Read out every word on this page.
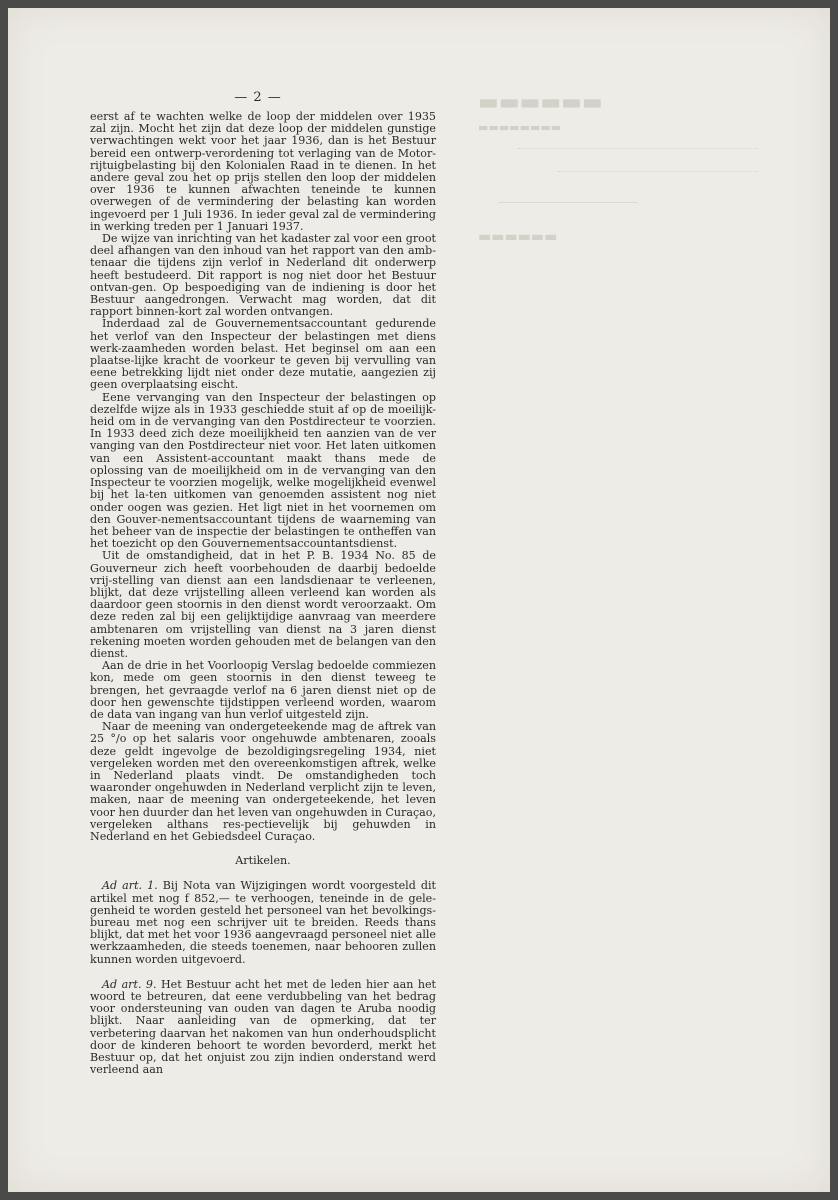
▬▬▬▬▬▬
▬▬▬▬▬▬▬▬
▬▬▬▬▬▬
— 2 —

eerst af te wachten welke de loop der middelen over 1935 zal zijn. Mocht het zijn dat deze loop der middelen gunstige verwachtingen wekt voor het jaar 1936, dan is het Bestuur bereid een ontwerp-verordening tot verlaging van de Motor-rijtuigbelasting bij den Kolonialen Raad in te dienen. In het andere geval zou het op prijs stellen den loop der middelen over 1936 te kunnen afwachten teneinde te kunnen overwegen of de vermindering der belasting kan worden ingevoerd per 1 Juli 1936. In ieder geval zal de vermindering in werking treden per 1 Januari 1937.

De wijze van inrichting van het kadaster zal voor een groot deel afhangen van den inhoud van het rapport van den amb-tenaar die tijdens zijn verlof in Nederland dit onderwerp heeft bestudeerd. Dit rapport is nog niet door het Bestuur ontvan-gen. Op bespoediging van de indiening is door het Bestuur aangedrongen. Verwacht mag worden, dat dit rapport binnen-kort zal worden ontvangen.

Inderdaad zal de Gouvernementsaccountant gedurende het verlof van den Inspecteur der belastingen met diens werk-zaamheden worden belast. Het beginsel om aan een plaatse-lijke kracht de voorkeur te geven bij vervulling van eene betrekking lijdt niet onder deze mutatie, aangezien zij geen overplaatsing eischt.

Eene vervanging van den Inspecteur der belastingen op dezelfde wijze als in 1933 geschiedde stuit af op de moeilijk-heid om in de vervanging van den Postdirecteur te voorzien. In 1933 deed zich deze moeilijkheid ten aanzien van de ver vanging van den Postdirecteur niet voor. Het laten uitkomen van een Assistent-accountant maakt thans mede de oplossing van de moeilijkheid om in de vervanging van den Inspecteur te voorzien mogelijk, welke mogelijkheid evenwel bij het la-ten uitkomen van genoemden assistent nog niet onder oogen was gezien. Het ligt niet in het voornemen om den Gouver-nementsaccountant tijdens de waarneming van het beheer van de inspectie der belastingen te ontheffen van het toezicht op den Gouvernementsaccountantsdienst.

Uit de omstandigheid, dat in het P. B. 1934 No. 85 de Gouverneur zich heeft voorbehouden de daarbij bedoelde vrij-stelling van dienst aan een landsdienaar te verleenen, blijkt, dat deze vrijstelling alleen verleend kan worden als daardoor geen stoornis in den dienst wordt veroorzaakt. Om deze reden zal bij een gelijktijdige aanvraag van meerdere ambtenaren om vrijstelling van dienst na 3 jaren dienst rekening moeten worden gehouden met de belangen van den dienst.

Aan de drie in het Voorloopig Verslag bedoelde commiezen kon, mede om geen stoornis in den dienst teweeg te brengen, het gevraagde verlof na 6 jaren dienst niet op de door hen gewenschte tijdstippen verleend worden, waarom de data van ingang van hun verlof uitgesteld zijn.

Naar de meening van ondergeteekende mag de aftrek van 25 °/o op het salaris voor ongehuwde ambtenaren, zooals deze geldt ingevolge de bezoldigingsregeling 1934, niet vergeleken worden met den overeenkomstigen aftrek, welke in Nederland plaats vindt. De omstandigheden toch waaronder ongehuwden in Nederland verplicht zijn te leven, maken, naar de meening van ondergeteekende, het leven voor hen duurder dan het leven van ongehuwden in Curaçao, vergeleken althans res-pectievelijk bij gehuwden in Nederland en het Gebiedsdeel Curaçao.

Artikelen.

Ad art. 1. Bij Nota van Wijzigingen wordt voorgesteld dit artikel met nog f 852,— te verhoogen, teneinde in de gele-genheid te worden gesteld het personeel van het bevolkings-bureau met nog een schrijver uit te breiden. Reeds thans blijkt, dat met het voor 1936 aangevraagd personeel niet alle werkzaamheden, die steeds toenemen, naar behooren zullen kunnen worden uitgevoerd.

Ad art. 9. Het Bestuur acht het met de leden hier aan het woord te betreuren, dat eene verdubbeling van het bedrag voor ondersteuning van ouden van dagen te Aruba noodig blijkt. Naar aanleiding van de opmerking, dat ter verbetering daarvan het nakomen van hun onderhoudsplicht door de kinderen behoort te worden bevorderd, merkt het Bestuur op, dat het onjuist zou zijn indien onderstand werd verleend aan
